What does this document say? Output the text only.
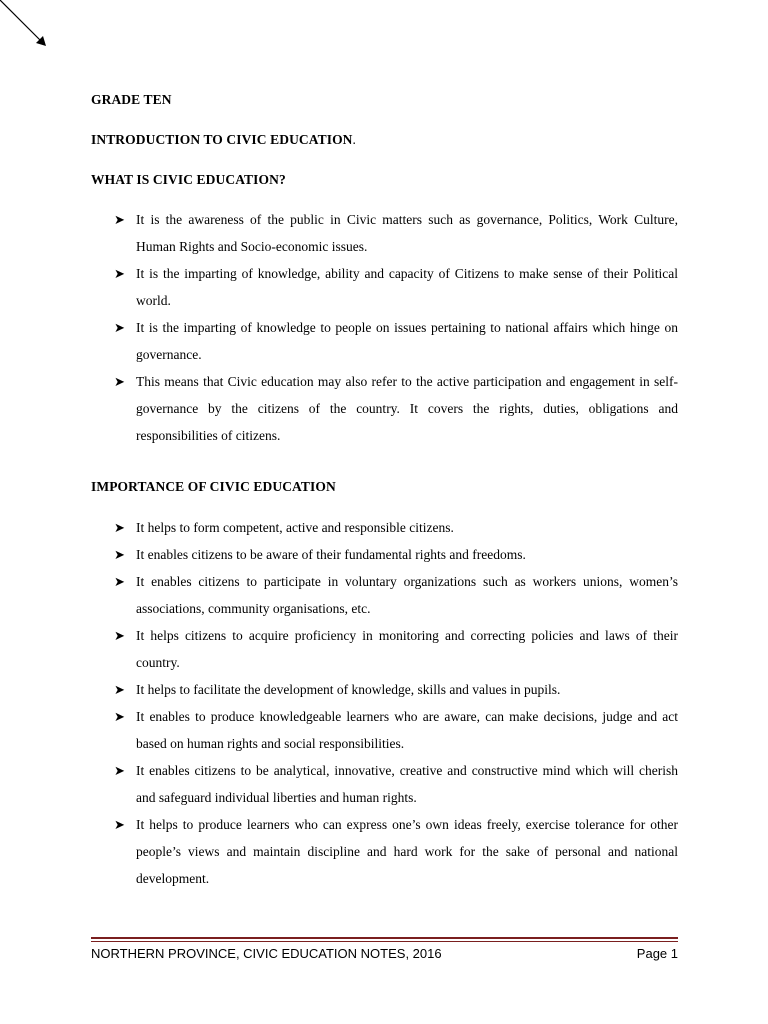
GRADE TEN

INTRODUCTION TO CIVIC EDUCATION.

WHAT IS CIVIC EDUCATION?

➤ It is the awareness of the public in Civic matters such as governance, Politics, Work Culture, Human Rights and Socio-economic issues.
➤ It is the imparting of knowledge, ability and capacity of Citizens to make sense of their Political world.
➤ It is the imparting of knowledge to people on issues pertaining to national affairs which hinge on governance.
➤ This means that Civic education may also refer to the active participation and engagement in self-governance by the citizens of the country. It covers the rights, duties, obligations and responsibilities of citizens.

IMPORTANCE OF CIVIC EDUCATION

➤ It helps to form competent, active and responsible citizens.
➤ It enables citizens to be aware of their fundamental rights and freedoms.
➤ It enables citizens to participate in voluntary organizations such as workers unions, women’s associations, community organisations, etc.
➤ It helps citizens to acquire proficiency in monitoring and correcting policies and laws of their country.
➤ It helps to facilitate the development of knowledge, skills and values in pupils.
➤ It enables to produce knowledgeable learners who are aware, can make decisions, judge and act based on human rights and social responsibilities.
➤ It enables citizens to be analytical, innovative, creative and constructive mind which will cherish and safeguard individual liberties and human rights.
➤ It helps to produce learners who can express one’s own ideas freely, exercise tolerance for other people’s views and maintain discipline and hard work for the sake of personal and national development.
NORTHERN PROVINCE, CIVIC EDUCATION NOTES, 2016	Page 1
